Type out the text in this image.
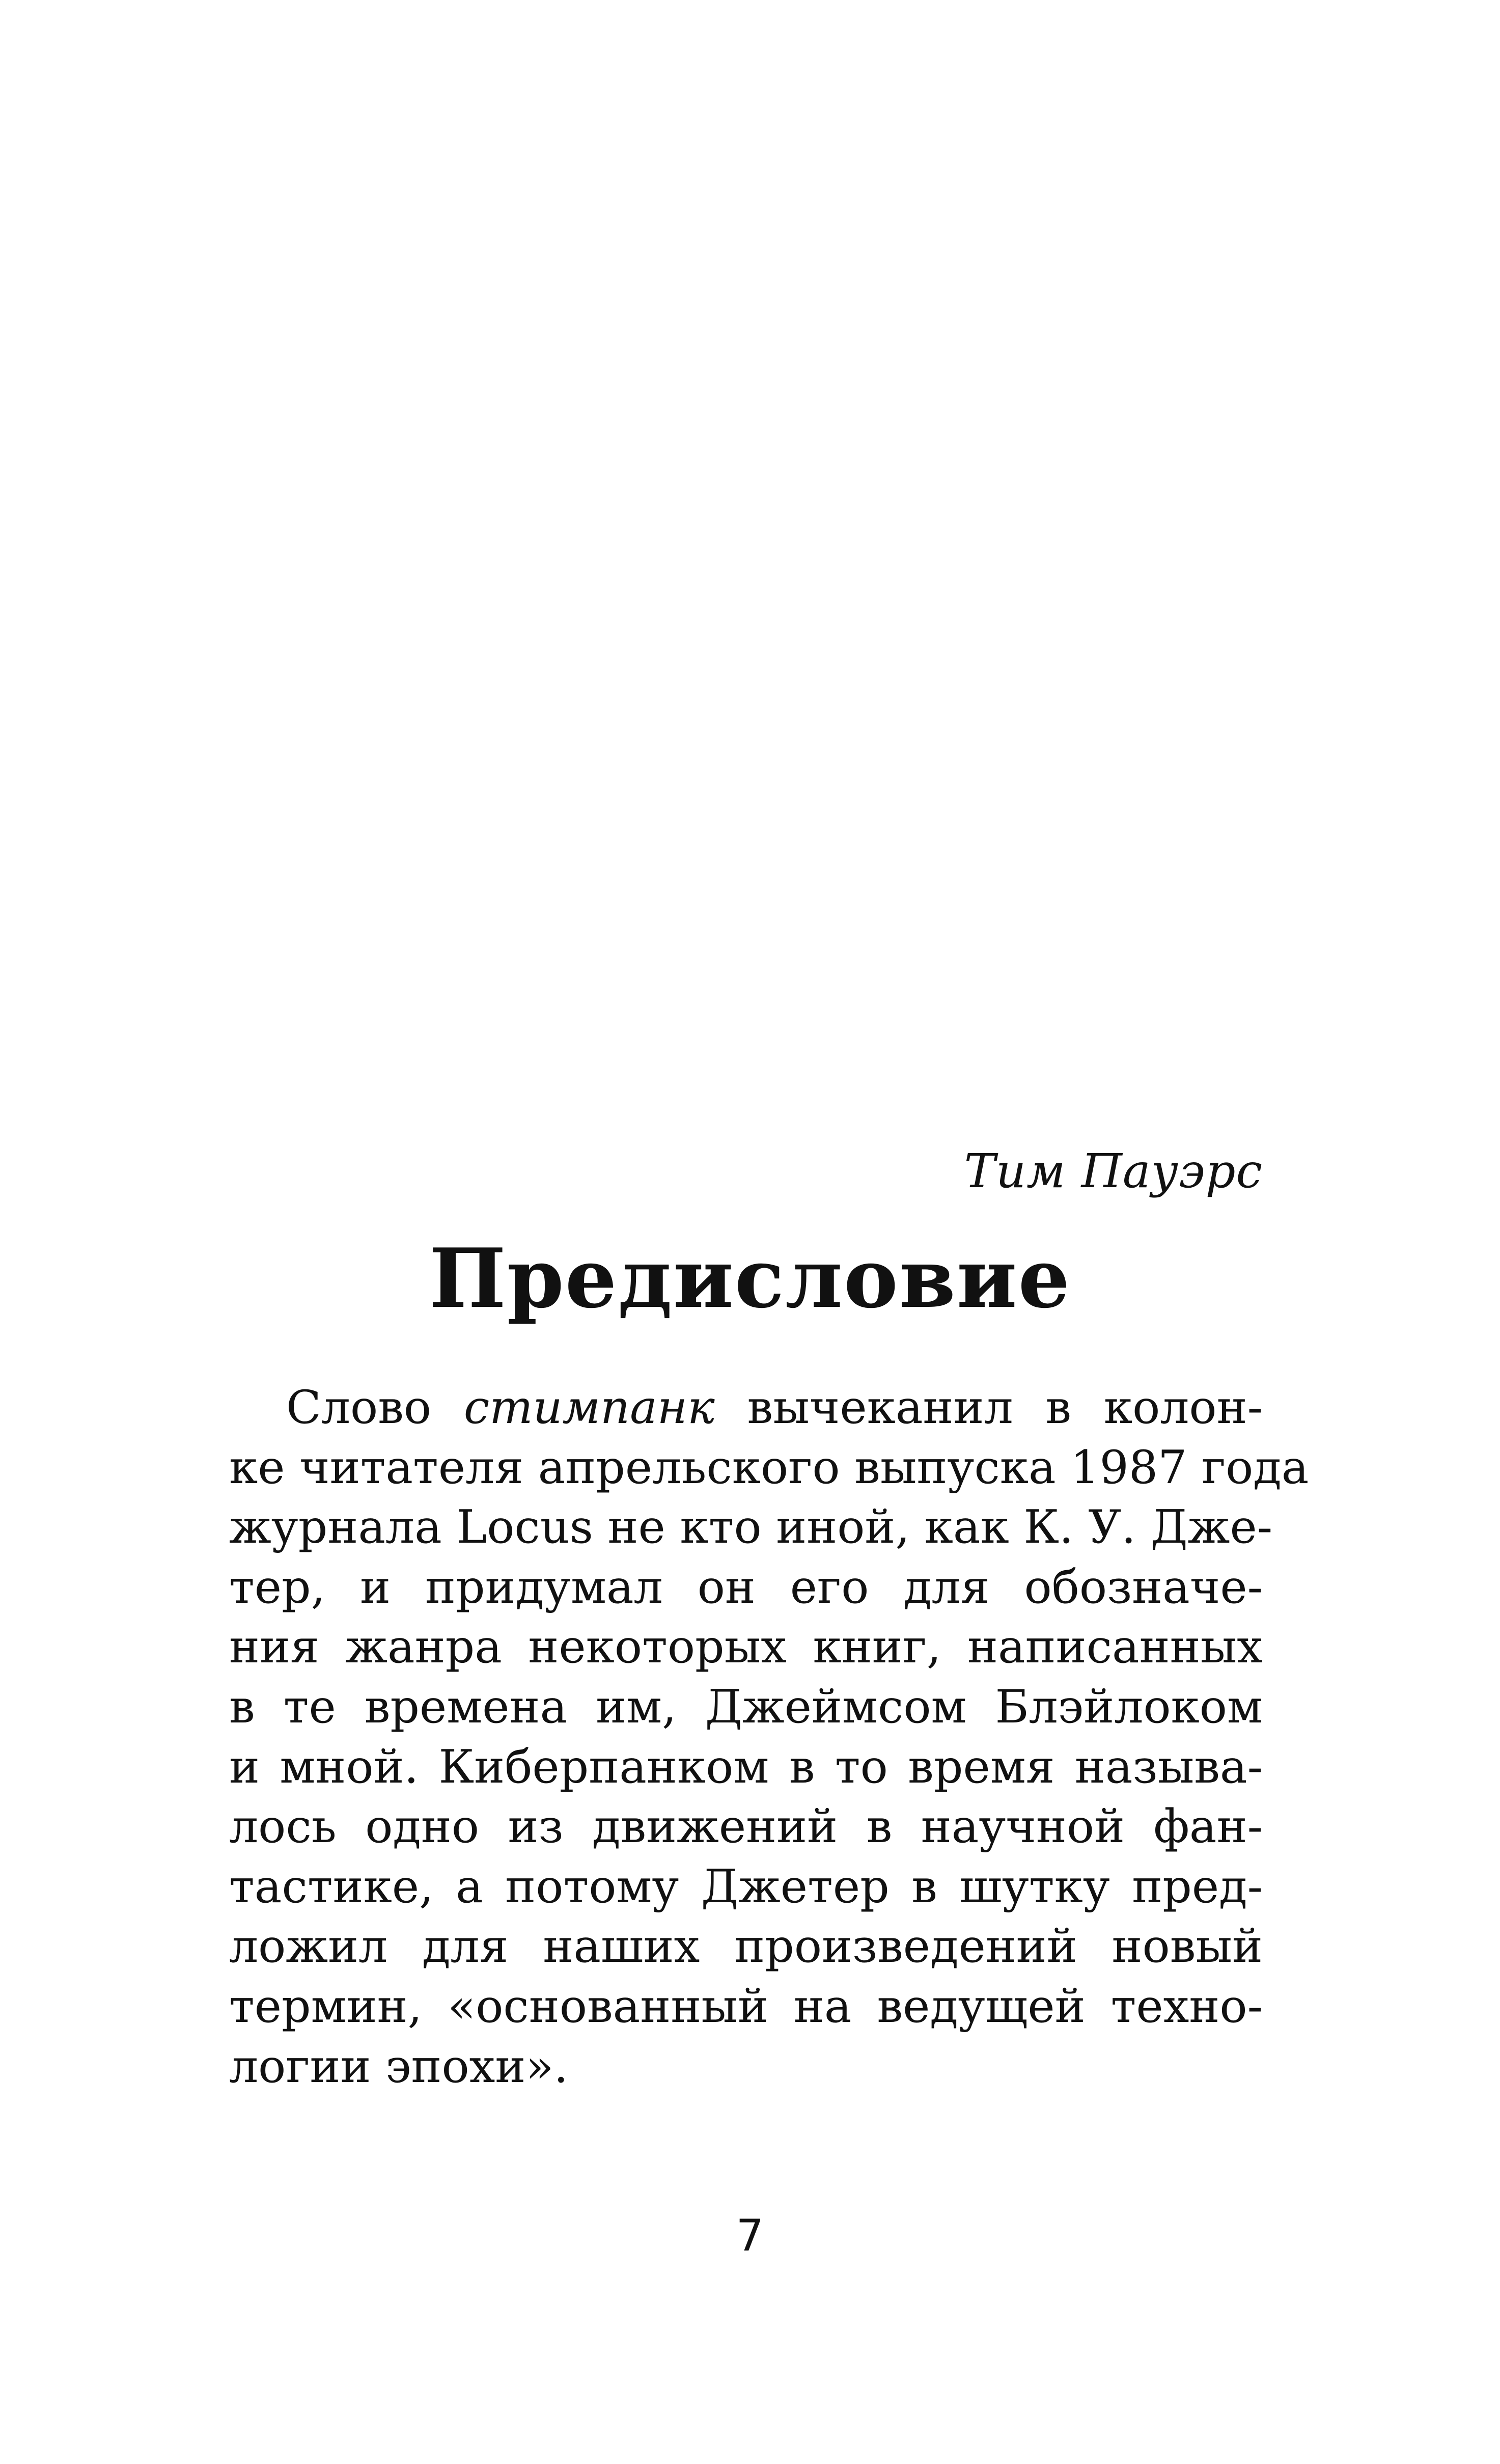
Тим Пауэрс
Предисловие
Слово стимпанк вычеканил в колон-
ке читателя апрельского выпуска 1987 года
журнала Locus не кто иной, как К. У. Дже-
тер, и придумал он его для обозначе-
ния жанра некоторых книг, написанных
в те времена им, Джеймсом Блэйлоком
и мной. Киберпанком в то время называ-
лось одно из движений в научной фан-
тастике, а потому Джетер в шутку пред-
ложил для наших произведений новый
термин, «основанный на ведущей техно-
логии эпохи».
7
